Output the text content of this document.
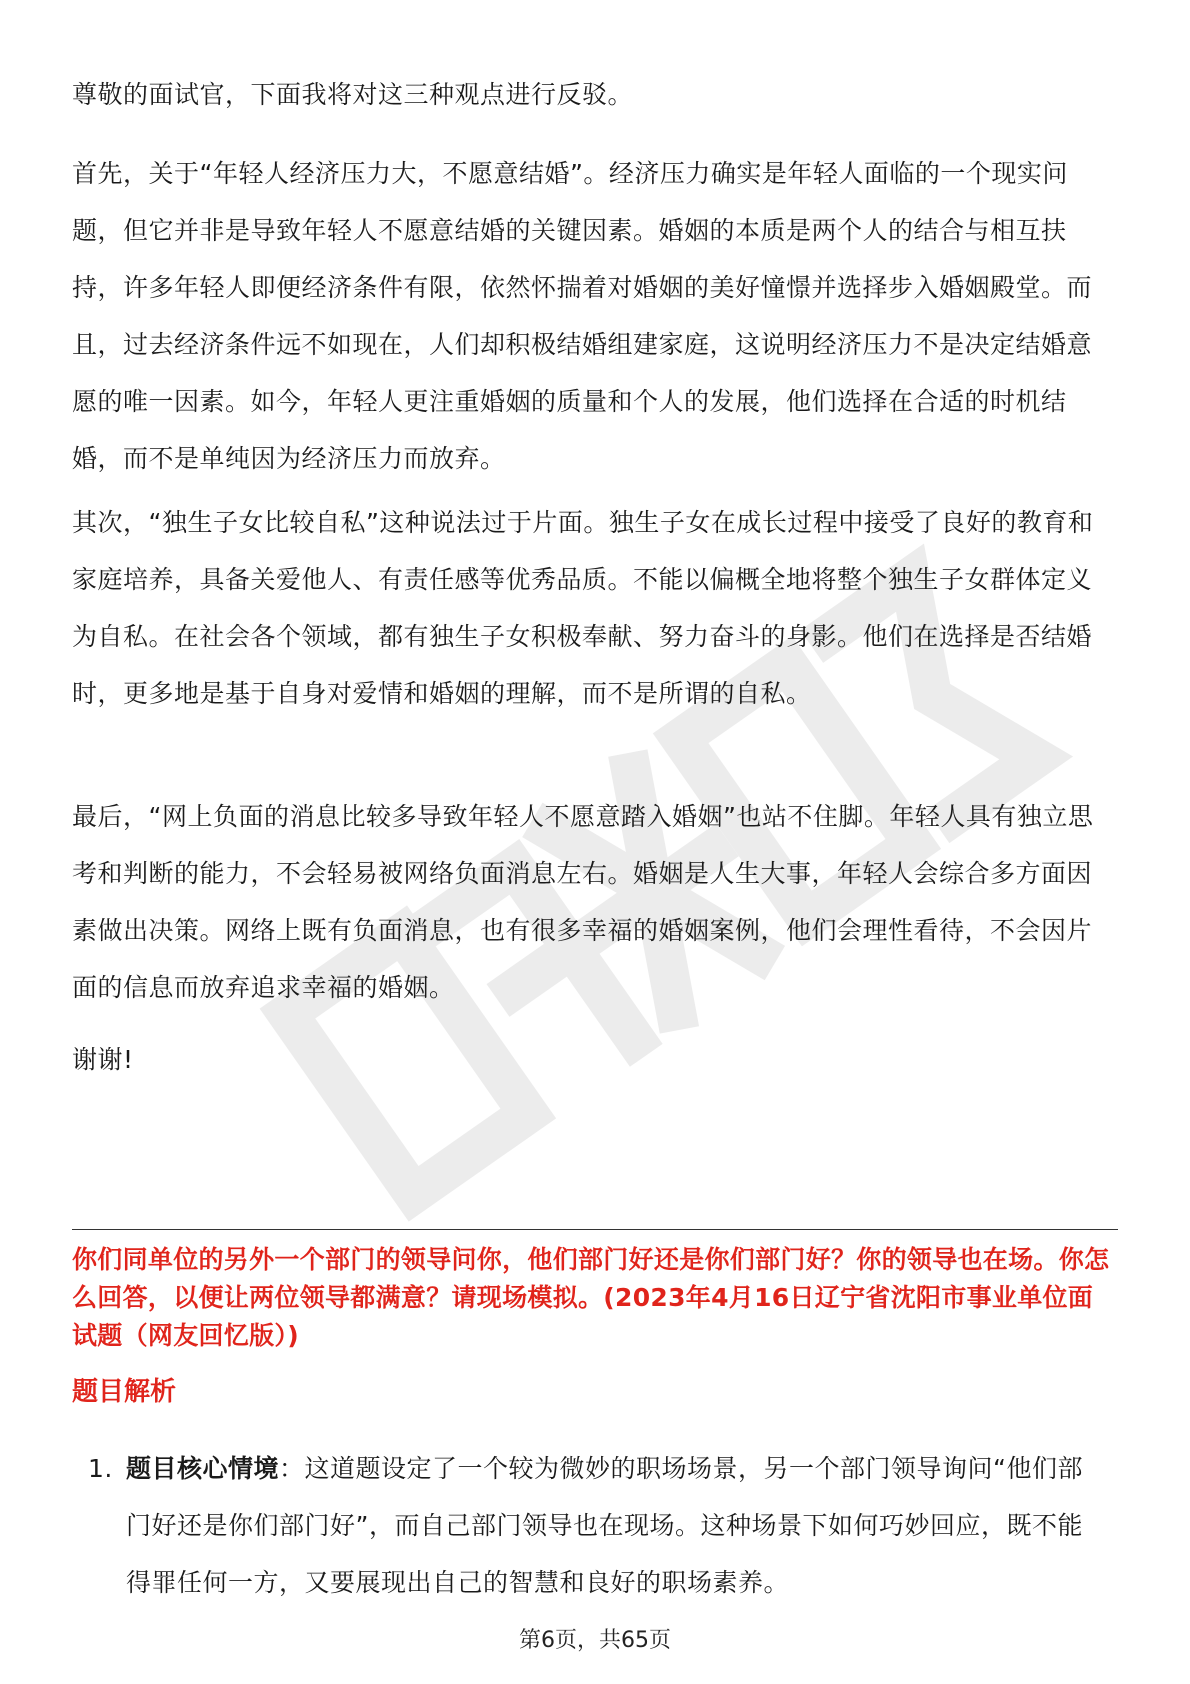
尊敬的面试官，下面我将对这三种观点进行反驳。

首先，关于“年轻人经济压力大，不愿意结婚”。经济压力确实是年轻人面临的一个现实问题，但它并非是导致年轻人不愿意结婚的关键因素。婚姻的本质是两个人的结合与相互扶持，许多年轻人即便经济条件有限，依然怀揣着对婚姻的美好憧憬并选择步入婚姻殿堂。而且，过去经济条件远不如现在，人们却积极结婚组建家庭，这说明经济压力不是决定结婚意愿的唯一因素。如今，年轻人更注重婚姻的质量和个人的发展，他们选择在合适的时机结婚，而不是单纯因为经济压力而放弃。

其次，“独生子女比较自私”这种说法过于片面。独生子女在成长过程中接受了良好的教育和家庭培养，具备关爱他人、有责任感等优秀品质。不能以偏概全地将整个独生子女群体定义为自私。在社会各个领域，都有独生子女积极奉献、努力奋斗的身影。他们在选择是否结婚时，更多地是基于自身对爱情和婚姻的理解，而不是所谓的自私。

最后，“网上负面的消息比较多导致年轻人不愿意踏入婚姻”也站不住脚。年轻人具有独立思考和判断的能力，不会轻易被网络负面消息左右。婚姻是人生大事，年轻人会综合多方面因素做出决策。网络上既有负面消息，也有很多幸福的婚姻案例，他们会理性看待，不会因片面的信息而放弃追求幸福的婚姻。

谢谢!

你们同单位的另外一个部门的领导问你，他们部门好还是你们部门好？你的领导也在场。你怎么回答，以便让两位领导都满意？请现场模拟。(2023年4月16日辽宁省沈阳市事业单位面试题（网友回忆版）)

题目解析

1. 题目核心情境：这道题设定了一个较为微妙的职场场景，另一个部门领导询问“他们部门好还是你们部门好”，而自己部门领导也在现场。这种场景下如何巧妙回应，既不能得罪任何一方，又要展现出自己的智慧和良好的职场素养。
第6页，共65页
